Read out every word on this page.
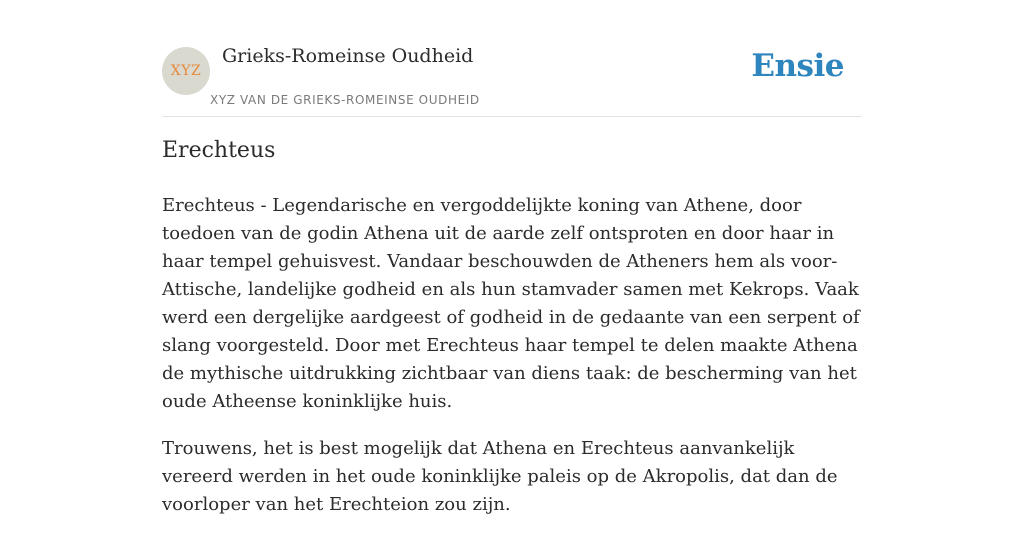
XYZ
Grieks-Romeinse Oudheid
XYZ VAN DE GRIEKS-ROMEINSE OUDHEID
Ensie
Erechteus

Erechteus - Legendarische en vergoddelijkte koning van Athene, door toedoen van de godin Athena uit de aarde zelf ontsproten en door haar in haar tempel gehuisvest. Vandaar beschouwden de Atheners hem als voor-Attische, landelijke godheid en als hun stamvader samen met Kekrops. Vaak werd een dergelijke aardgeest of godheid in de gedaante van een serpent of slang voorgesteld. Door met Erechteus haar tempel te delen maakte Athena de mythische uitdrukking zichtbaar van diens taak: de bescherming van het oude Atheense koninklijke huis.

Trouwens, het is best mogelijk dat Athena en Erechteus aanvankelijk vereerd werden in het oude koninklijke paleis op de Akropolis, dat dan de voorloper van het Erechteion zou zijn.
